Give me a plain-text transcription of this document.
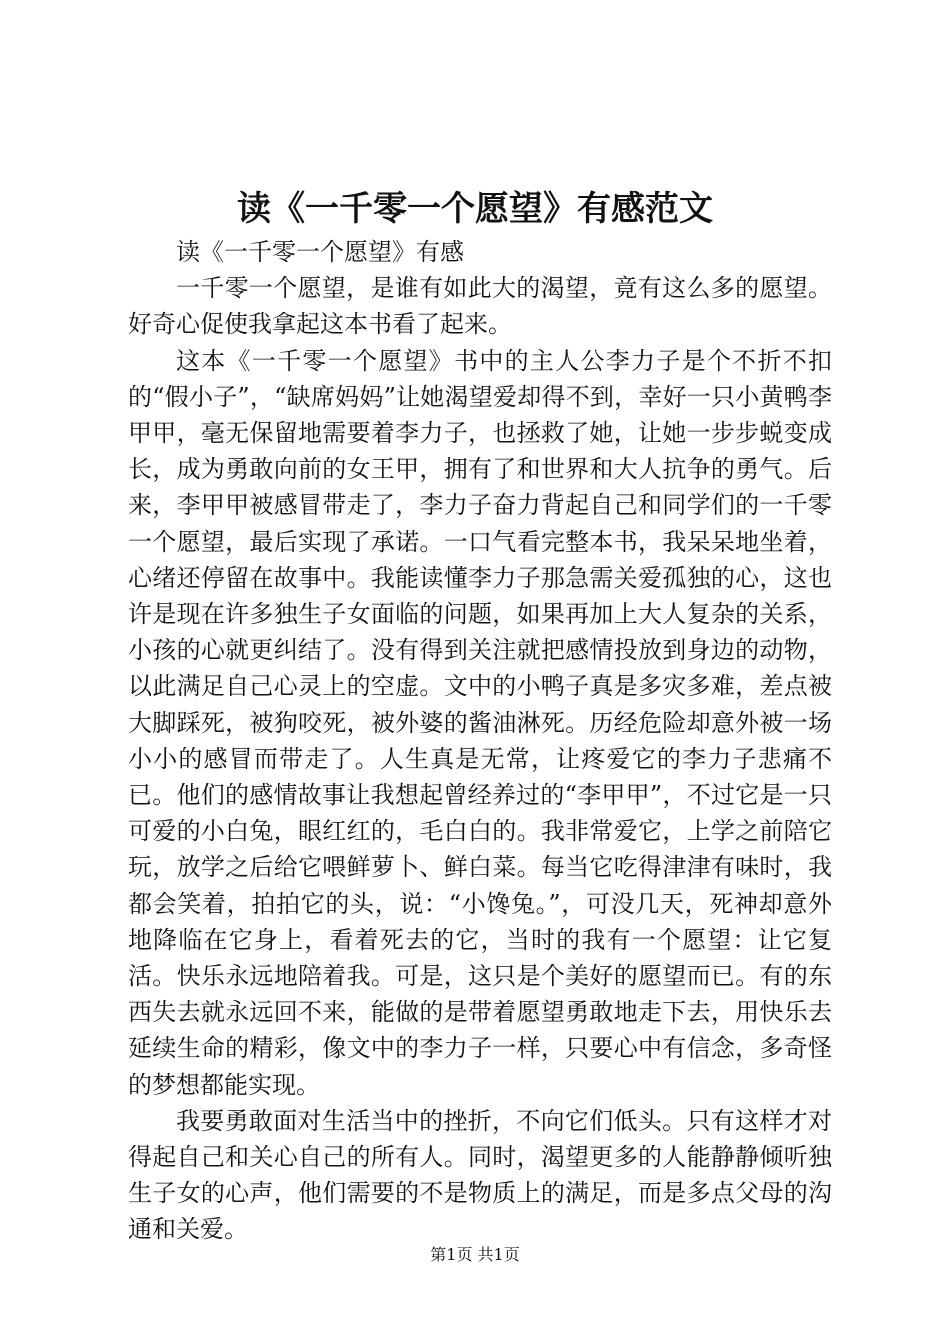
读《一千零一个愿望》有感范文

读《一千零一个愿望》有感

一千零一个愿望，是谁有如此大的渴望，竟有这么多的愿望。好奇心促使我拿起这本书看了起来。

这本《一千零一个愿望》书中的主人公李力子是个不折不扣的“假小子”，“缺席妈妈”让她渴望爱却得不到，幸好一只小黄鸭李甲甲，毫无保留地需要着李力子，也拯救了她，让她一步步蜕变成长，成为勇敢向前的女王甲，拥有了和世界和大人抗争的勇气。后来，李甲甲被感冒带走了，李力子奋力背起自己和同学们的一千零一个愿望，最后实现了承诺。一口气看完整本书，我呆呆地坐着，心绪还停留在故事中。我能读懂李力子那急需关爱孤独的心，这也许是现在许多独生子女面临的问题，如果再加上大人复杂的关系，小孩的心就更纠结了。没有得到关注就把感情投放到身边的动物，以此满足自己心灵上的空虚。文中的小鸭子真是多灾多难，差点被大脚踩死，被狗咬死，被外婆的酱油淋死。历经危险却意外被一场小小的感冒而带走了。人生真是无常，让疼爱它的李力子悲痛不已。他们的感情故事让我想起曾经养过的“李甲甲”，不过它是一只可爱的小白兔，眼红红的，毛白白的。我非常爱它，上学之前陪它玩，放学之后给它喂鲜萝卜、鲜白菜。每当它吃得津津有味时，我都会笑着，拍拍它的头，说：“小馋兔。”，可没几天，死神却意外地降临在它身上，看着死去的它，当时的我有一个愿望：让它复活。快乐永远地陪着我。可是，这只是个美好的愿望而已。有的东西失去就永远回不来，能做的是带着愿望勇敢地走下去，用快乐去延续生命的精彩，像文中的李力子一样，只要心中有信念，多奇怪的梦想都能实现。

我要勇敢面对生活当中的挫折，不向它们低头。只有这样才对得起自己和关心自己的所有人。同时，渴望更多的人能静静倾听独生子女的心声，他们需要的不是物质上的满足，而是多点父母的沟通和关爱。

第1页 共1页
